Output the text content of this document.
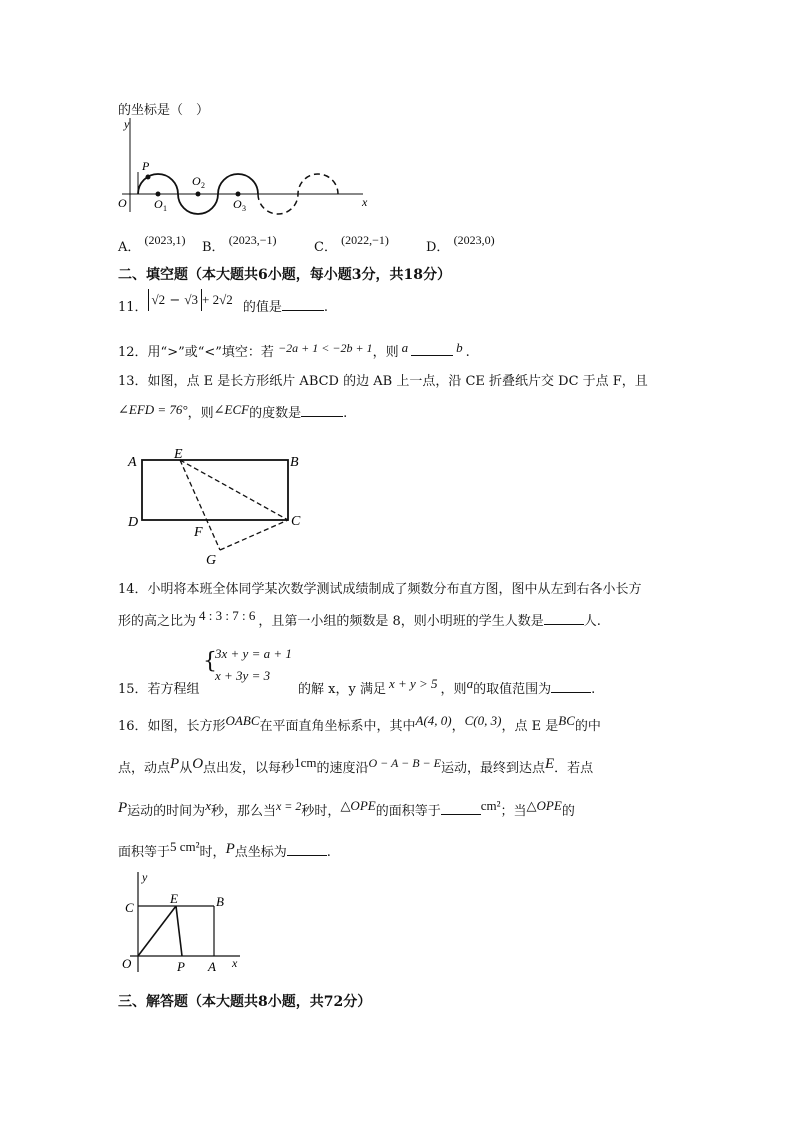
的坐标是（　）
y
x
O
P
O 1
O 2
O 3
A． (2023,1) B． (2023,−1)	C． (2022,−1)	D． (2023,0)
二、填空题（本大题共6小题，每小题3分，共18分）
11．√2 − √3 + 2√2 的值是	.
12．用“>”或“<”填空：若 −2a + 1 < −2b + 1，则 a	b .
13．如图，点 E 是长方形纸片 ABCD 的边 AB 上一点，沿 CE 折叠纸片交 DC 于点 F，且
∠EFD = 76°，则∠ECF的度数是	.
A	B
C
D
E
F
G
14．小明将本班全体同学某次数学测试成绩制成了频数分布直方图，图中从左到右各小长方
形的高之比为 4 : 3 : 7 : 6 ，且第一小组的频数是 8，则小明班的学生人数是	人.
15．若方程组
{
3x + y = a + 1
x + 3y = 3
的解 x，y 满足 x + y > 5 ，则a的取值范围为	.
16．如图，长方形OABC在平面直角坐标系中，其中A(4, 0)，C(0, 3)，点 E 是BC的中
点，动点P从O点出发，以每秒1cm的速度沿O − A − B − E运动，最终到达点E．若点
P运动的时间为x秒，那么当x = 2秒时，△OPE的面积等于	cm²；当△OPE的
面积等于5 cm²时，P点坐标为	.
y
x
O
C
E	B
P A
三、解答题（本大题共8小题，共72分）
